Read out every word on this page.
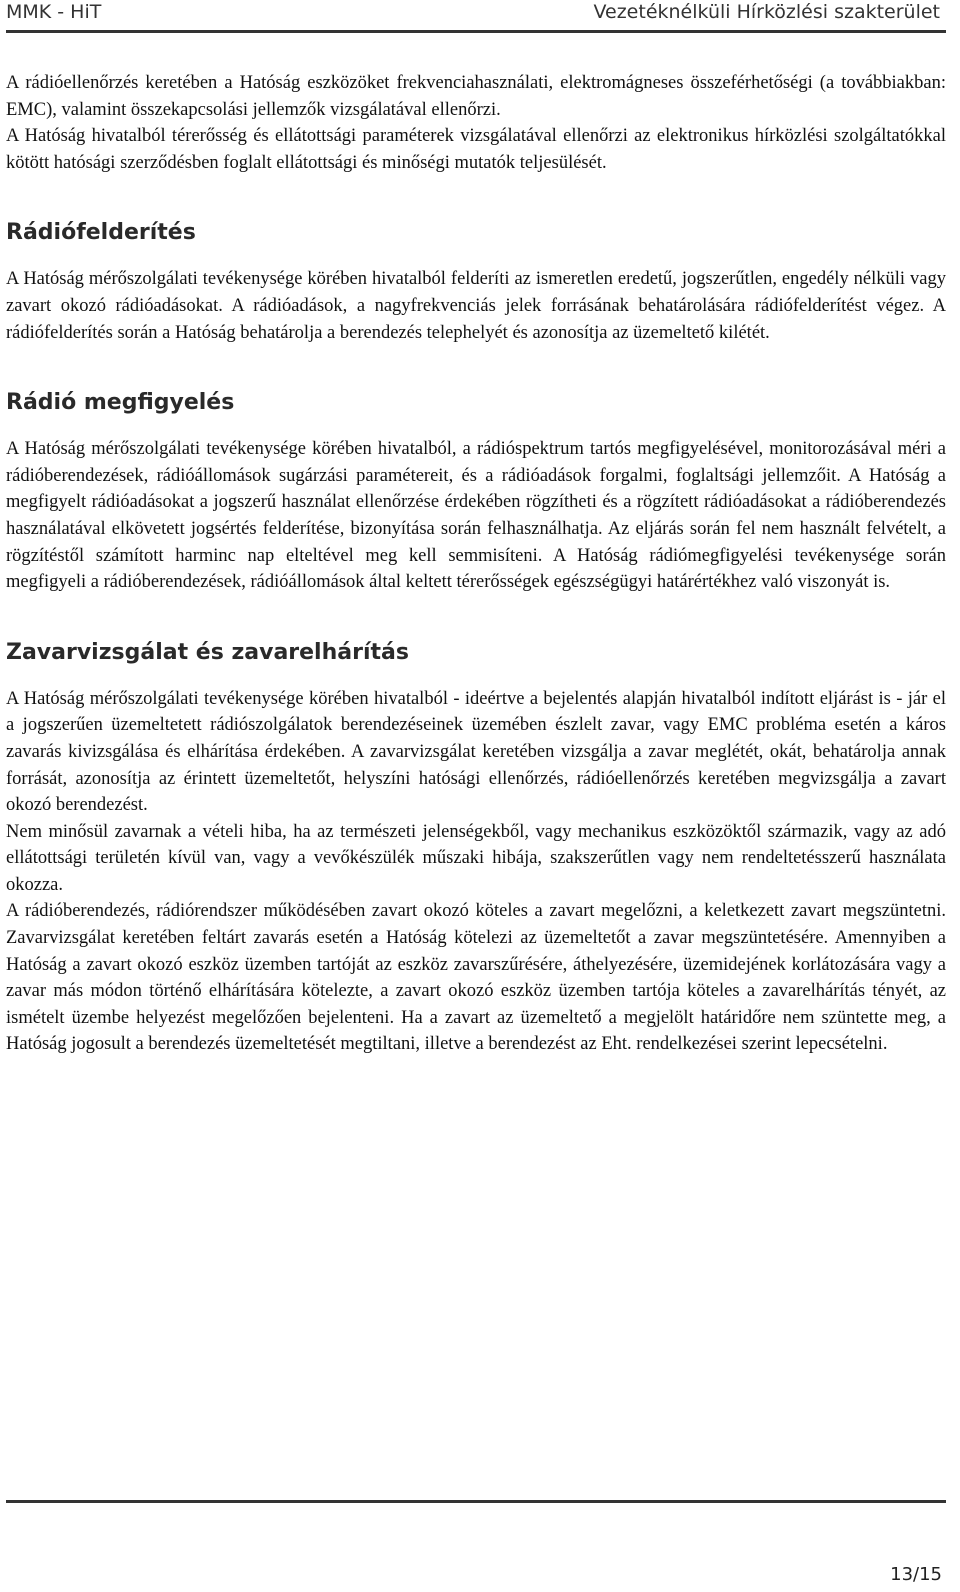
MMK - HiT	Vezetéknélküli Hírközlési szakterület

A rádióellenőrzés keretében a Hatóság eszközöket frekvenciahasználati, elektromágneses összeférhetőségi (a továbbiakban: EMC), valamint összekapcsolási jellemzők vizsgálatával ellenőrzi.

A Hatóság hivatalból térerősség és ellátottsági paraméterek vizsgálatával ellenőrzi az elektronikus hírközlési szolgáltatókkal kötött hatósági szerződésben foglalt ellátottsági és minőségi mutatók teljesülését.

Rádiófelderítés

A Hatóság mérőszolgálati tevékenysége körében hivatalból felderíti az ismeretlen eredetű, jogszerűtlen, engedély nélküli vagy zavart okozó rádióadásokat. A rádióadások, a nagyfrekvenciás jelek forrásának behatárolására rádiófelderítést végez. A rádiófelderítés során a Hatóság behatárolja a berendezés telephelyét és azonosítja az üzemeltető kilétét.

Rádió megfigyelés

A Hatóság mérőszolgálati tevékenysége körében hivatalból, a rádióspektrum tartós megfigyelésével, monitorozásával méri a rádióberendezések, rádióállomások sugárzási paramétereit, és a rádióadások forgalmi, foglaltsági jellemzőit. A Hatóság a megfigyelt rádióadásokat a jogszerű használat ellenőrzése érdekében rögzítheti és a rögzített rádióadásokat a rádióberendezés használatával elkövetett jogsértés felderítése, bizonyítása során felhasználhatja. Az eljárás során fel nem használt felvételt, a rögzítéstől számított harminc nap elteltével meg kell semmisíteni. A Hatóság rádiómegfigyelési tevékenysége során megfigyeli a rádióberendezések, rádióállomások által keltett térerősségek egészségügyi határértékhez való viszonyát is.

Zavarvizsgálat és zavarelhárítás

A Hatóság mérőszolgálati tevékenysége körében hivatalból - ideértve a bejelentés alapján hivatalból indított eljárást is - jár el a jogszerűen üzemeltetett rádiószolgálatok berendezéseinek üzemében észlelt zavar, vagy EMC probléma esetén a káros zavarás kivizsgálása és elhárítása érdekében. A zavarvizsgálat keretében vizsgálja a zavar meglétét, okát, behatárolja annak forrását, azonosítja az érintett üzemeltetőt, helyszíni hatósági ellenőrzés, rádióellenőrzés keretében megvizsgálja a zavart okozó berendezést.

Nem minősül zavarnak a vételi hiba, ha az természeti jelenségekből, vagy mechanikus eszközöktől származik, vagy az adó ellátottsági területén kívül van, vagy a vevőkészülék műszaki hibája, szakszerűtlen vagy nem rendeltetésszerű használata okozza.

A rádióberendezés, rádiórendszer működésében zavart okozó köteles a zavart megelőzni, a keletkezett zavart megszüntetni. Zavarvizsgálat keretében feltárt zavarás esetén a Hatóság kötelezi az üzemeltetőt a zavar megszüntetésére. Amennyiben a Hatóság a zavart okozó eszköz üzemben tartóját az eszköz zavarszűrésére, áthelyezésére, üzemidejének korlátozására vagy a zavar más módon történő elhárítására kötelezte, a zavart okozó eszköz üzemben tartója köteles a zavarelhárítás tényét, az ismételt üzembe helyezést megelőzően bejelenteni. Ha a zavart az üzemeltető a megjelölt határidőre nem szüntette meg, a Hatóság jogosult a berendezés üzemeltetését megtiltani, illetve a berendezést az Eht. rendelkezései szerint lepecsételni.

13/15
